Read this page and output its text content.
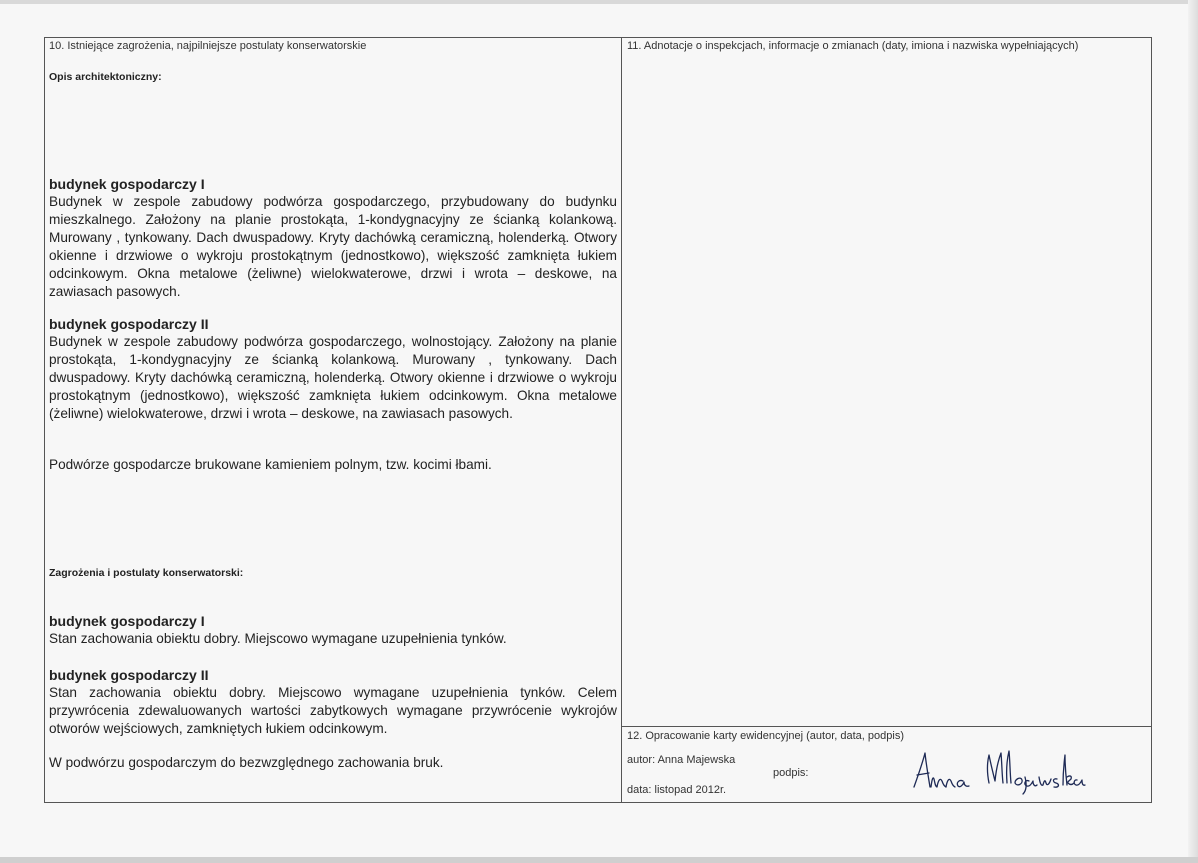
10. Istniejące zagrożenia, najpilniejsze postulaty konserwatorskie
Opis architektoniczny:
budynek gospodarczy I

Budynek w zespole zabudowy podwórza gospodarczego, przybudowany do budynku mieszkalnego. Założony na planie prostokąta, 1-kondygnacyjny ze ścianką kolankową. Murowany , tynkowany. Dach dwuspadowy. Kryty dachówką ceramiczną, holenderką. Otwory okienne i drzwiowe o wykroju prostokątnym (jednostkowo), większość zamknięta łukiem odcinkowym. Okna metalowe (żeliwne) wielokwaterowe, drzwi i wrota – deskowe, na zawiasach pasowych.

budynek gospodarczy II

Budynek w zespole zabudowy podwórza gospodarczego, wolnostojący. Założony na planie prostokąta, 1-kondygnacyjny ze ścianką kolankową. Murowany , tynkowany. Dach dwuspadowy. Kryty dachówką ceramiczną, holenderką. Otwory okienne i drzwiowe o wykroju prostokątnym (jednostkowo), większość zamknięta łukiem odcinkowym. Okna metalowe (żeliwne) wielokwaterowe, drzwi i wrota – deskowe, na zawiasach pasowych.

Podwórze gospodarcze brukowane kamieniem polnym, tzw. kocimi łbami.
Zagrożenia i postulaty konserwatorski:
budynek gospodarczy I

Stan zachowania obiektu dobry. Miejscowo wymagane uzupełnienia tynków.

budynek gospodarczy II

Stan zachowania obiektu dobry. Miejscowo wymagane uzupełnienia tynków. Celem przywrócenia zdewaluowanych wartości zabytkowych wymagane przywrócenie wykrojów otworów wejściowych, zamkniętych łukiem odcinkowym.

W podwórzu gospodarczym do bezwzględnego zachowania bruk.
11. Adnotacje o inspekcjach, informacje o zmianach (daty, imiona i nazwiska wypełniających)
12. Opracowanie karty ewidencyjnej (autor, data, podpis)
autor: Anna Majewska
podpis:
data: listopad 2012r.
